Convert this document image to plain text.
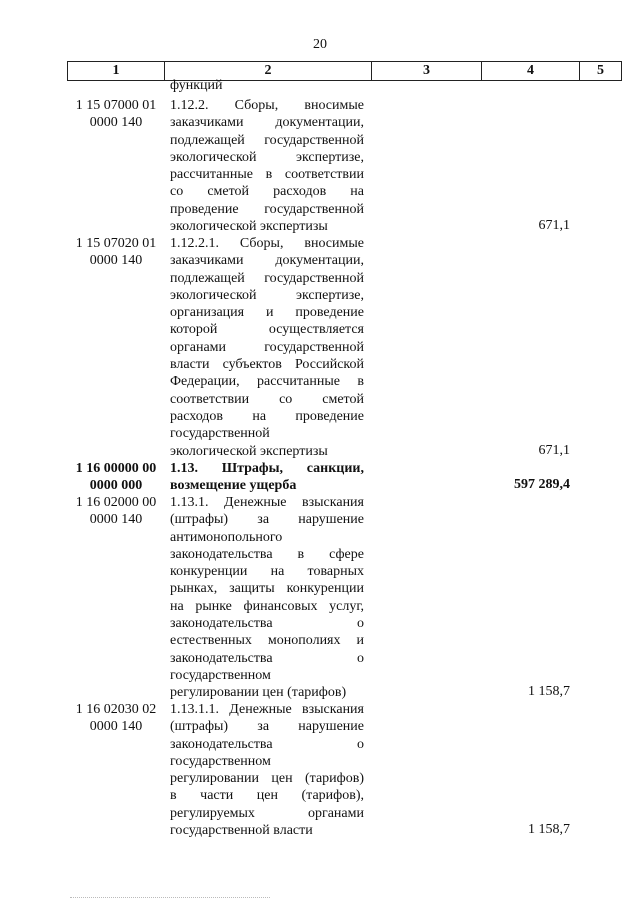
20
1	2	3	4	5
функций
1 15 07000 01 0000 140
1.12.2. Сборы, вносимые
заказчиками документации,
подлежащей государственной
экологической экспертизе,
рассчитанные в соответствии
со сметой расходов на
проведение государственной
экологической экспертизы	671,1
1 15 07020 01 0000 140
1.12.2.1. Сборы, вносимые
заказчиками документации,
подлежащей государственной
экологической экспертизе,
организация и проведение
которой осуществляется
органами государственной
власти субъектов Российской
Федерации, рассчитанные в
соответствии со сметой
расходов на проведение
государственной
экологической экспертизы	671,1
1 16 00000 00 0000 000
1.13. Штрафы, санкции,
возмещение ущерба	597 289,4
1 16 02000 00 0000 140
1.13.1. Денежные взыскания
(штрафы) за нарушение
антимонопольного
законодательства в сфере
конкуренции на товарных
рынках, защиты конкуренции
на рынке финансовых услуг,
законодательства о
естественных монополиях и
законодательства о
государственном
регулировании цен (тарифов)	1 158,7
1 16 02030 02 0000 140
1.13.1.1. Денежные взыскания
(штрафы) за нарушение
законодательства о
государственном
регулировании цен (тарифов)
в части цен (тарифов),
регулируемых органами
государственной власти	1 158,7
